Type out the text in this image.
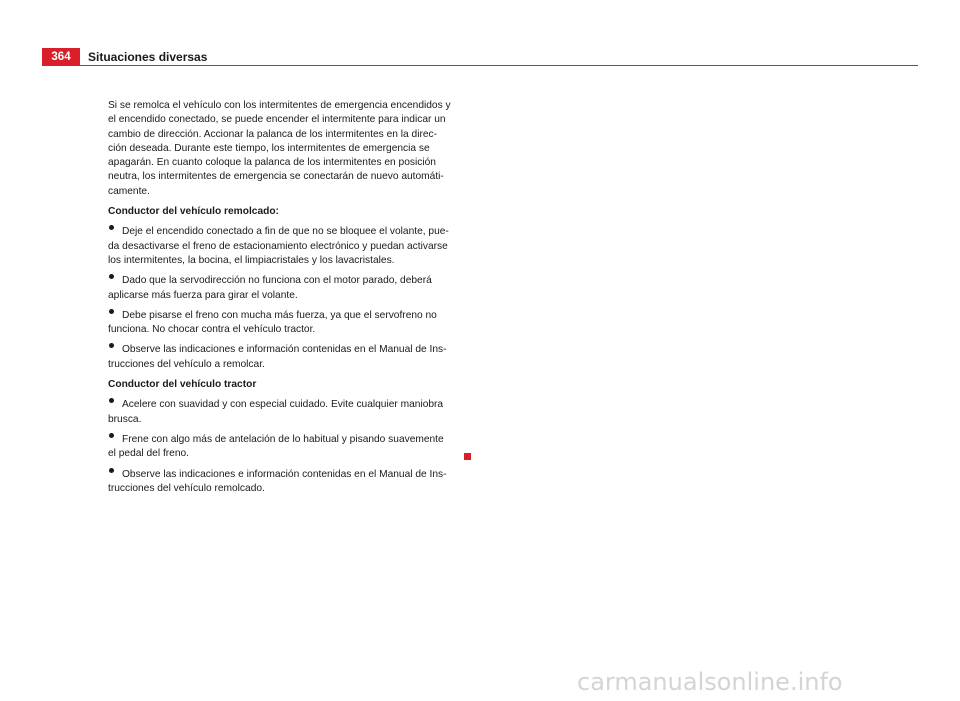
364	Situaciones diversas

Si se remolca el vehículo con los intermitentes de emergencia encendidos y
el encendido conectado, se puede encender el intermitente para indicar un
cambio de dirección. Accionar la palanca de los intermitentes en la direc-
ción deseada. Durante este tiempo, los intermitentes de emergencia se
apagarán. En cuanto coloque la palanca de los intermitentes en posición
neutra, los intermitentes de emergencia se conectarán de nuevo automáti-
camente.

Conductor del vehículo remolcado:

Deje el encendido conectado a fin de que no se bloquee el volante, pue-
da desactivarse el freno de estacionamiento electrónico y puedan activarse
los intermitentes, la bocina, el limpiacristales y los lavacristales.

Dado que la servodirección no funciona con el motor parado, deberá
aplicarse más fuerza para girar el volante.

Debe pisarse el freno con mucha más fuerza, ya que el servofreno no
funciona. No chocar contra el vehículo tractor.

Observe las indicaciones e información contenidas en el Manual de Ins-
trucciones del vehículo a remolcar.

Conductor del vehículo tractor

Acelere con suavidad y con especial cuidado. Evite cualquier maniobra
brusca.

Frene con algo más de antelación de lo habitual y pisando suavemente
el pedal del freno.

Observe las indicaciones e información contenidas en el Manual de Ins-
trucciones del vehículo remolcado.

carmanualsonline.info
